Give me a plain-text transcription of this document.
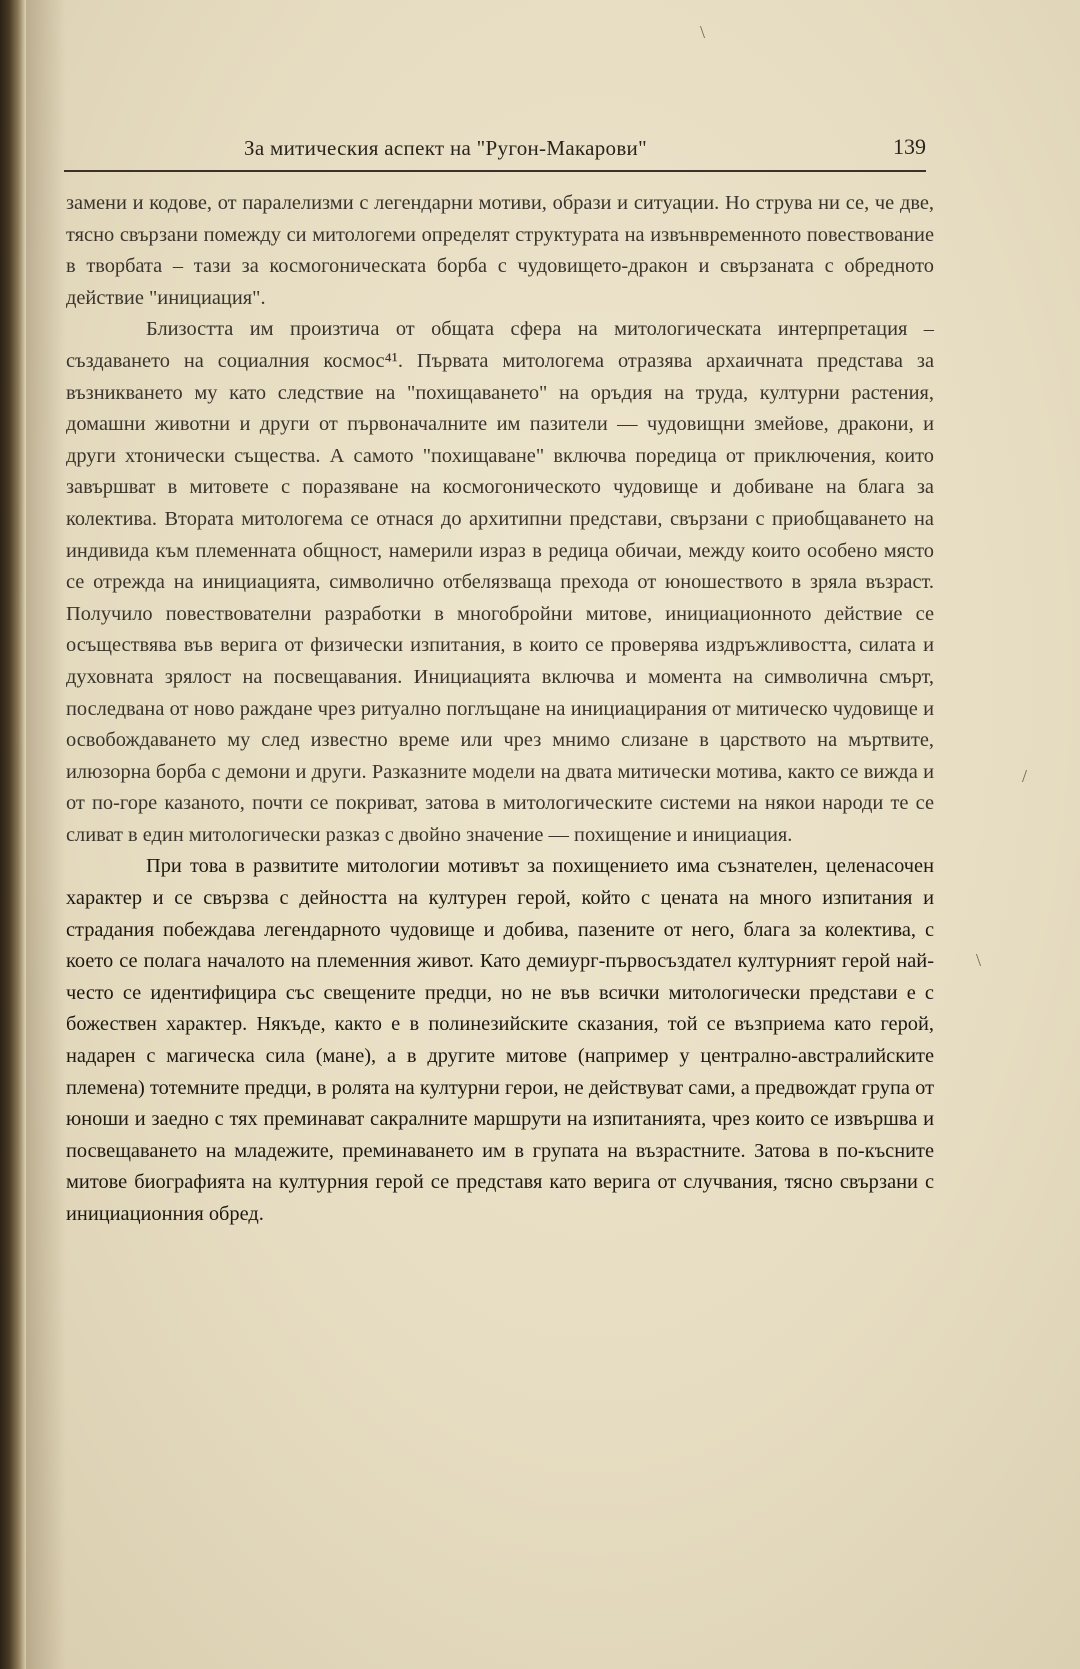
За митическия аспект на "Ругон-Макарови"	139

замени и кодове, от паралелизми с легендарни мотиви, образи и ситуации. Но струва ни се, че две, тясно свързани помежду си митологеми определят структурата на извънвременното повествование в творбата – тази за космогоническата борба с чудовището-дракон и свързаната с обредното действие "инициация".

Близостта им произтича от общата сфера на митологическата интерпретация – създаването на социалния космос⁴¹. Първата митологема отразява архаичната представа за възникването му като следствие на "похищаването" на оръдия на труда, културни растения, домашни животни и други от първоначалните им пазители — чудовищни змейове, дракони, и други хтонически същества. А самото "похищаване" включва поредица от приключения, които завършват в митовете с поразяване на космогоническото чудовище и добиване на блага за колектива. Втората митологема се отнася до архитипни представи, свързани с приобщаването на индивида към племенната общност, намерили израз в редица обичаи, между които особено място се отрежда на инициацията, символично отбелязваща прехода от юношеството в зряла възраст. Получило повествователни разработки в многобройни митове, инициационното действие се осъществява във верига от физически изпитания, в които се проверява издръжливостта, силата и духовната зрялост на посвещавания. Инициацията включва и момента на символична смърт, последвана от ново раждане чрез ритуално поглъщане на инициацирания от митическо чудовище и освобождаването му след известно време или чрез мнимо слизане в царството на мъртвите, илюзорна борба с демони и други. Разказните модели на двата митически мотива, както се вижда и от по-горе казаното, почти се покриват, затова в митологическите системи на някои народи те се сливат в един митологически разказ с двойно значение — похищение и инициация.

При това в развитите митологии мотивът за похищението има съзнателен, целенасочен характер и се свързва с дейността на културен герой, който с цената на много изпитания и страдания побеждава легендарното чудовище и добива, пазените от него, блага за колектива, с което се полага началото на племенния живот. Като демиург-първосъздател културният герой най-често се идентифицира със свещените предци, но не във всички митологически представи е с божествен характер. Някъде, както е в полинезийските сказания, той се възприема като герой, надарен с магическа сила (мане), а в другите митове (например у централно-австралийските племена) тотемните предци, в ролята на културни герои, не действуват сами, а предвождат група от юноши и заедно с тях преминават сакралните маршрути на изпитанията, чрез които се извършва и посвещаването на младежите, преминаването им в групата на възрастните. Затова в по-късните митове биографията на културния герой се представя като верига от случвания, тясно свързани с инициационния обред.

/
\
\
